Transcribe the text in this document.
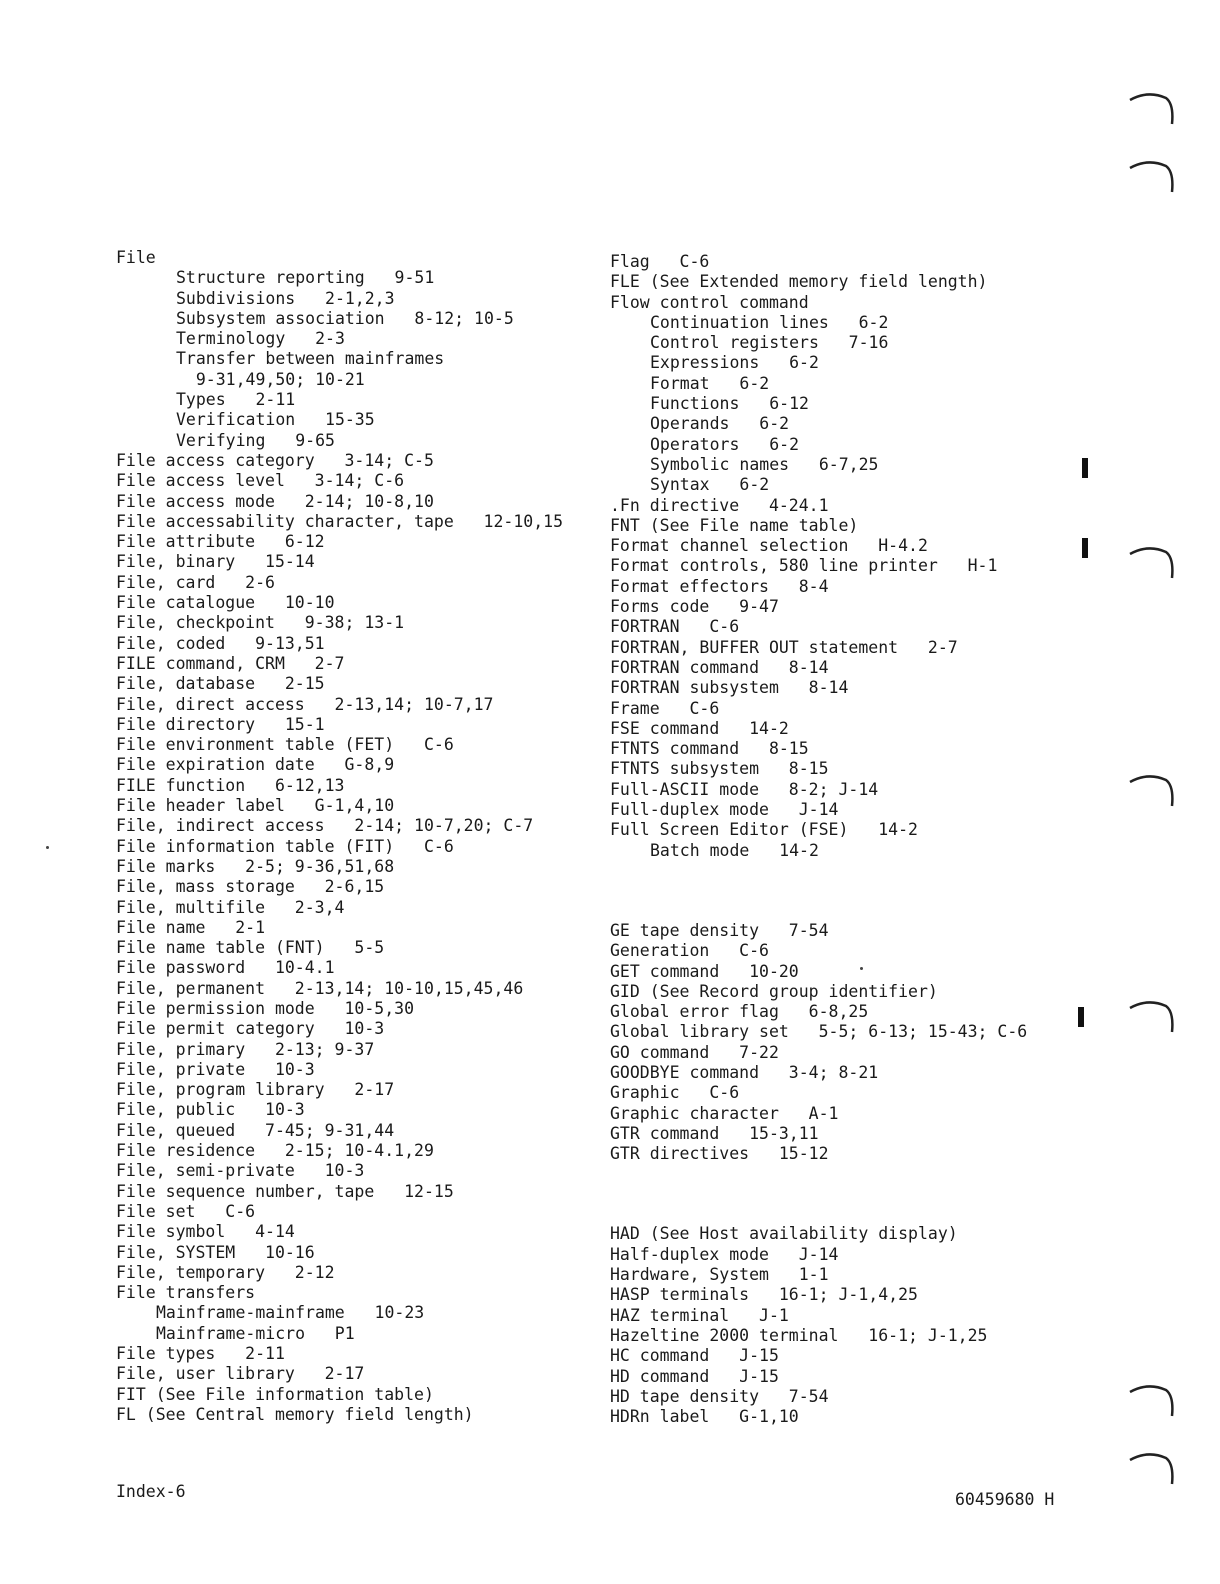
File
Structure reporting   9-51
Subdivisions   2-1,2,3
Subsystem association   8-12; 10-5
Terminology   2-3
Transfer between mainframes
9-31,49,50; 10-21
Types   2-11
Verification   15-35
Verifying   9-65
File access category   3-14; C-5
File access level   3-14; C-6
File access mode   2-14; 10-8,10
File accessability character, tape   12-10,15
File attribute   6-12
File, binary   15-14
File, card   2-6
File catalogue   10-10
File, checkpoint   9-38; 13-1
File, coded   9-13,51
FILE command, CRM   2-7
File, database   2-15
File, direct access   2-13,14; 10-7,17
File directory   15-1
File environment table (FET)   C-6
File expiration date   G-8,9
FILE function   6-12,13
File header label   G-1,4,10
File, indirect access   2-14; 10-7,20; C-7
File information table (FIT)   C-6
File marks   2-5; 9-36,51,68
File, mass storage   2-6,15
File, multifile   2-3,4
File name   2-1
File name table (FNT)   5-5
File password   10-4.1
File, permanent   2-13,14; 10-10,15,45,46
File permission mode   10-5,30
File permit category   10-3
File, primary   2-13; 9-37
File, private   10-3
File, program library   2-17
File, public   10-3
File, queued   7-45; 9-31,44
File residence   2-15; 10-4.1,29
File, semi-private   10-3
File sequence number, tape   12-15
File set   C-6
File symbol   4-14
File, SYSTEM   10-16
File, temporary   2-12
File transfers
Mainframe-mainframe   10-23
Mainframe-micro   P1
File types   2-11
File, user library   2-17
FIT (See File information table)
FL (See Central memory field length)
Flag   C-6
FLE (See Extended memory field length)
Flow control command
Continuation lines   6-2
Control registers   7-16
Expressions   6-2
Format   6-2
Functions   6-12
Operands   6-2
Operators   6-2
Symbolic names   6-7,25
Syntax   6-2
.Fn directive   4-24.1
FNT (See File name table)
Format channel selection   H-4.2
Format controls, 580 line printer   H-1
Format effectors   8-4
Forms code   9-47
FORTRAN   C-6
FORTRAN, BUFFER OUT statement   2-7
FORTRAN command   8-14
FORTRAN subsystem   8-14
Frame   C-6
FSE command   14-2
FTNTS command   8-15
FTNTS subsystem   8-15
Full-ASCII mode   8-2; J-14
Full-duplex mode   J-14
Full Screen Editor (FSE)   14-2
Batch mode   14-2
GE tape density   7-54
Generation   C-6
GET command   10-20
GID (See Record group identifier)
Global error flag   6-8,25
Global library set   5-5; 6-13; 15-43; C-6
GO command   7-22
GOODBYE command   3-4; 8-21
Graphic   C-6
Graphic character   A-1
GTR command   15-3,11
GTR directives   15-12
HAD (See Host availability display)
Half-duplex mode   J-14
Hardware, System   1-1
HASP terminals   16-1; J-1,4,25
HAZ terminal   J-1
Hazeltine 2000 terminal   16-1; J-1,25
HC command   J-15
HD command   J-15
HD tape density   7-54
HDRn label   G-1,10
Index-6	60459680 H
